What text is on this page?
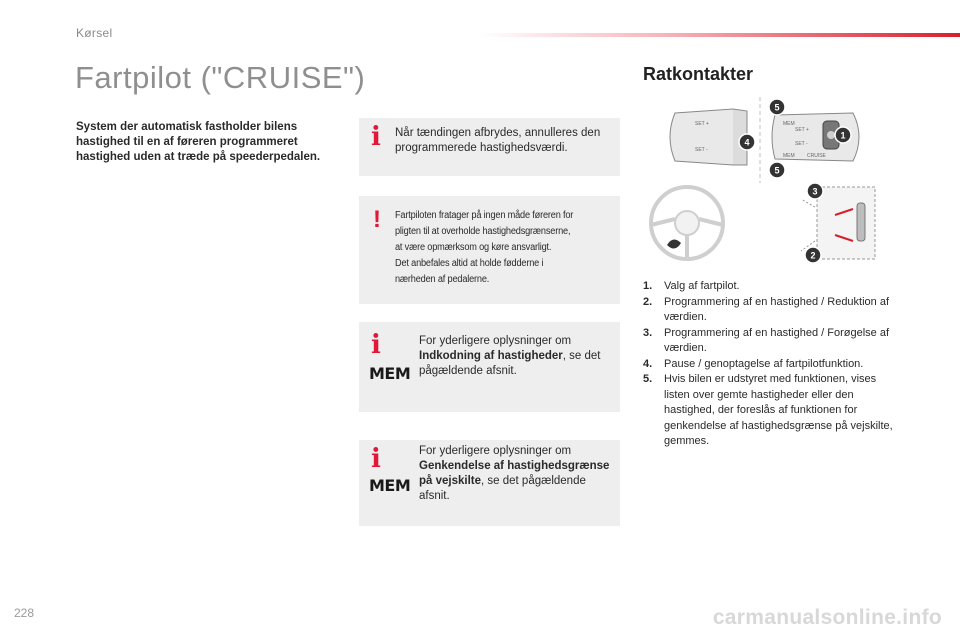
Kørsel
Fartpilot ("CRUISE")
System der automatisk fastholder bilens hastighed til en af føreren programmeret hastighed uden at træde på speederpedalen.
i Når tændingen afbrydes, annulleres den programmerede hastighedsværdi.
! Fartpiloten fratager på ingen måde føreren for
pligten til at overholde hastighedsgrænserne,
at være opmærksom og køre ansvarligt.
Det anbefales altid at holde fødderne i
nærheden af pedalerne.
i
MEM
For yderligere oplysninger om Indkodning af hastigheder, se det pågældende afsnit.
i
MEM
For yderligere oplysninger om Genkendelse af hastighedsgrænse på vejskilte, se det pågældende afsnit.
Ratkontakter
SET +
SET -
MEM
MEM CRUISE
SET +
SET -
1
2
3
4
5
5
1.	Valg af fartpilot.
2.	Programmering af en hastighed / Reduktion af værdien.
3.	Programmering af en hastighed / Forøgelse af værdien.
4.	Pause / genoptagelse af fartpilotfunktion.
5.	Hvis bilen er udstyret med funktionen, vises listen over gemte hastigheder eller den hastighed, der foreslås af funktionen for genkendelse af hastighedsgrænse på vejskilte, gemmes.
228	carmanualsonline.info
